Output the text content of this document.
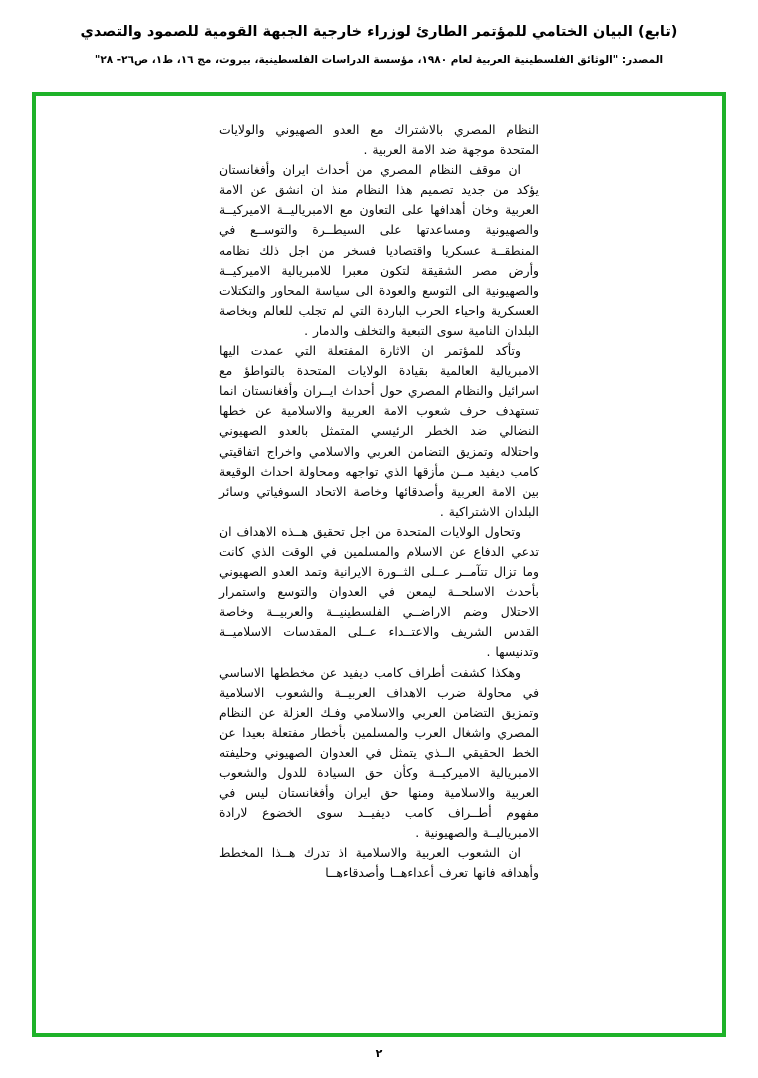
(تابع) البيان الختامي للمؤتمر الطارئ لوزراء خارجية الجبهة القومية للصمود والتصدي
المصدر: "الوثائق الفلسطينية العربية لعام ١٩٨٠، مؤسسة الدراسات الفلسطينية، بيروت، مج ١٦، ط١، ص٢٦- ٢٨"

النظام المصري بالاشتراك مع العدو الصهيوني والولايات المتحدة موجهة ضد الامة العربية .

ان موقف النظام المصري من أحداث ايران وأفغانستان يؤكد من جديد تصميم هذا النظام منذ ان انشق عن الامة العربية وخان أهدافها على التعاون مع الامبرياليــة الاميركيــة والصهيونية ومساعدتها على السيطــرة والتوســع في المنطقــة عسكريا واقتصاديا فسخر من اجل ذلك نظامه وأرض مصر الشقيقة لتكون معبرا للامبريالية الاميركيــة والصهيونية الى التوسع والعودة الى سياسة المحاور والتكتلات العسكرية واحياء الحرب الباردة التي لم تجلب للعالم وبخاصة البلدان النامية سوى التبعية والتخلف والدمار .

وتأكد للمؤتمر ان الاثارة المفتعلة التي عمدت اليها الامبريالية العالمية بقيادة الولايات المتحدة بالتواطؤ مع اسرائيل والنظام المصري حول أحداث ايــران وأفغانستان انما تستهدف حرف شعوب الامة العربية والاسلامية عن خطها النضالي ضد الخطر الرئيسي المتمثل بالعدو الصهيوني واحتلاله وتمزيق التضامن العربي والاسلامي واخراج اتفاقيتي كامب ديفيد مــن مأزقها الذي تواجهه ومحاولة احداث الوقيعة بين الامة العربية وأصدقائها وخاصة الاتحاد السوفياتي وسائر البلدان الاشتراكية .

وتحاول الولايات المتحدة من اجل تحقيق هــذه الاهداف ان تدعي الدفاع عن الاسلام والمسلمين في الوقت الذي كانت وما تزال تتآمــر عــلى الثــورة الايرانية وتمد العدو الصهيوني بأحدث الاسلحــة ليمعن في العدوان والتوسع واستمرار الاحتلال وضم الاراضــي الفلسطينيــة والعربيــة وخاصة القدس الشريف والاعتــداء عــلى المقدسات الاسلاميــة وتدنيسها .

وهكذا كشفت أطراف كامب ديفيد عن مخططها الاساسي في محاولة ضرب الاهداف العربيــة والشعوب الاسلامية وتمزيق التضامن العربي والاسلامي وفـك العزلة عن النظام المصري واشغال العرب والمسلمين بأخطار مفتعلة بعيدا عن الخط الحقيقي الــذي يتمثل في العدوان الصهيوني وحليفته الامبريالية الاميركيــة وكأن حق السيادة للدول والشعوب العربية والاسلامية ومنها حق ايران وأفغانستان ليس في مفهوم أطــراف كامب ديفيــد سوى الخضوع لارادة الامبرياليــة والصهيونية .

ان الشعوب العربية والاسلامية اذ تدرك هــذا المخطط وأهدافه فانها تعرف أعداءهــا وأصدقاءهــا

٢
